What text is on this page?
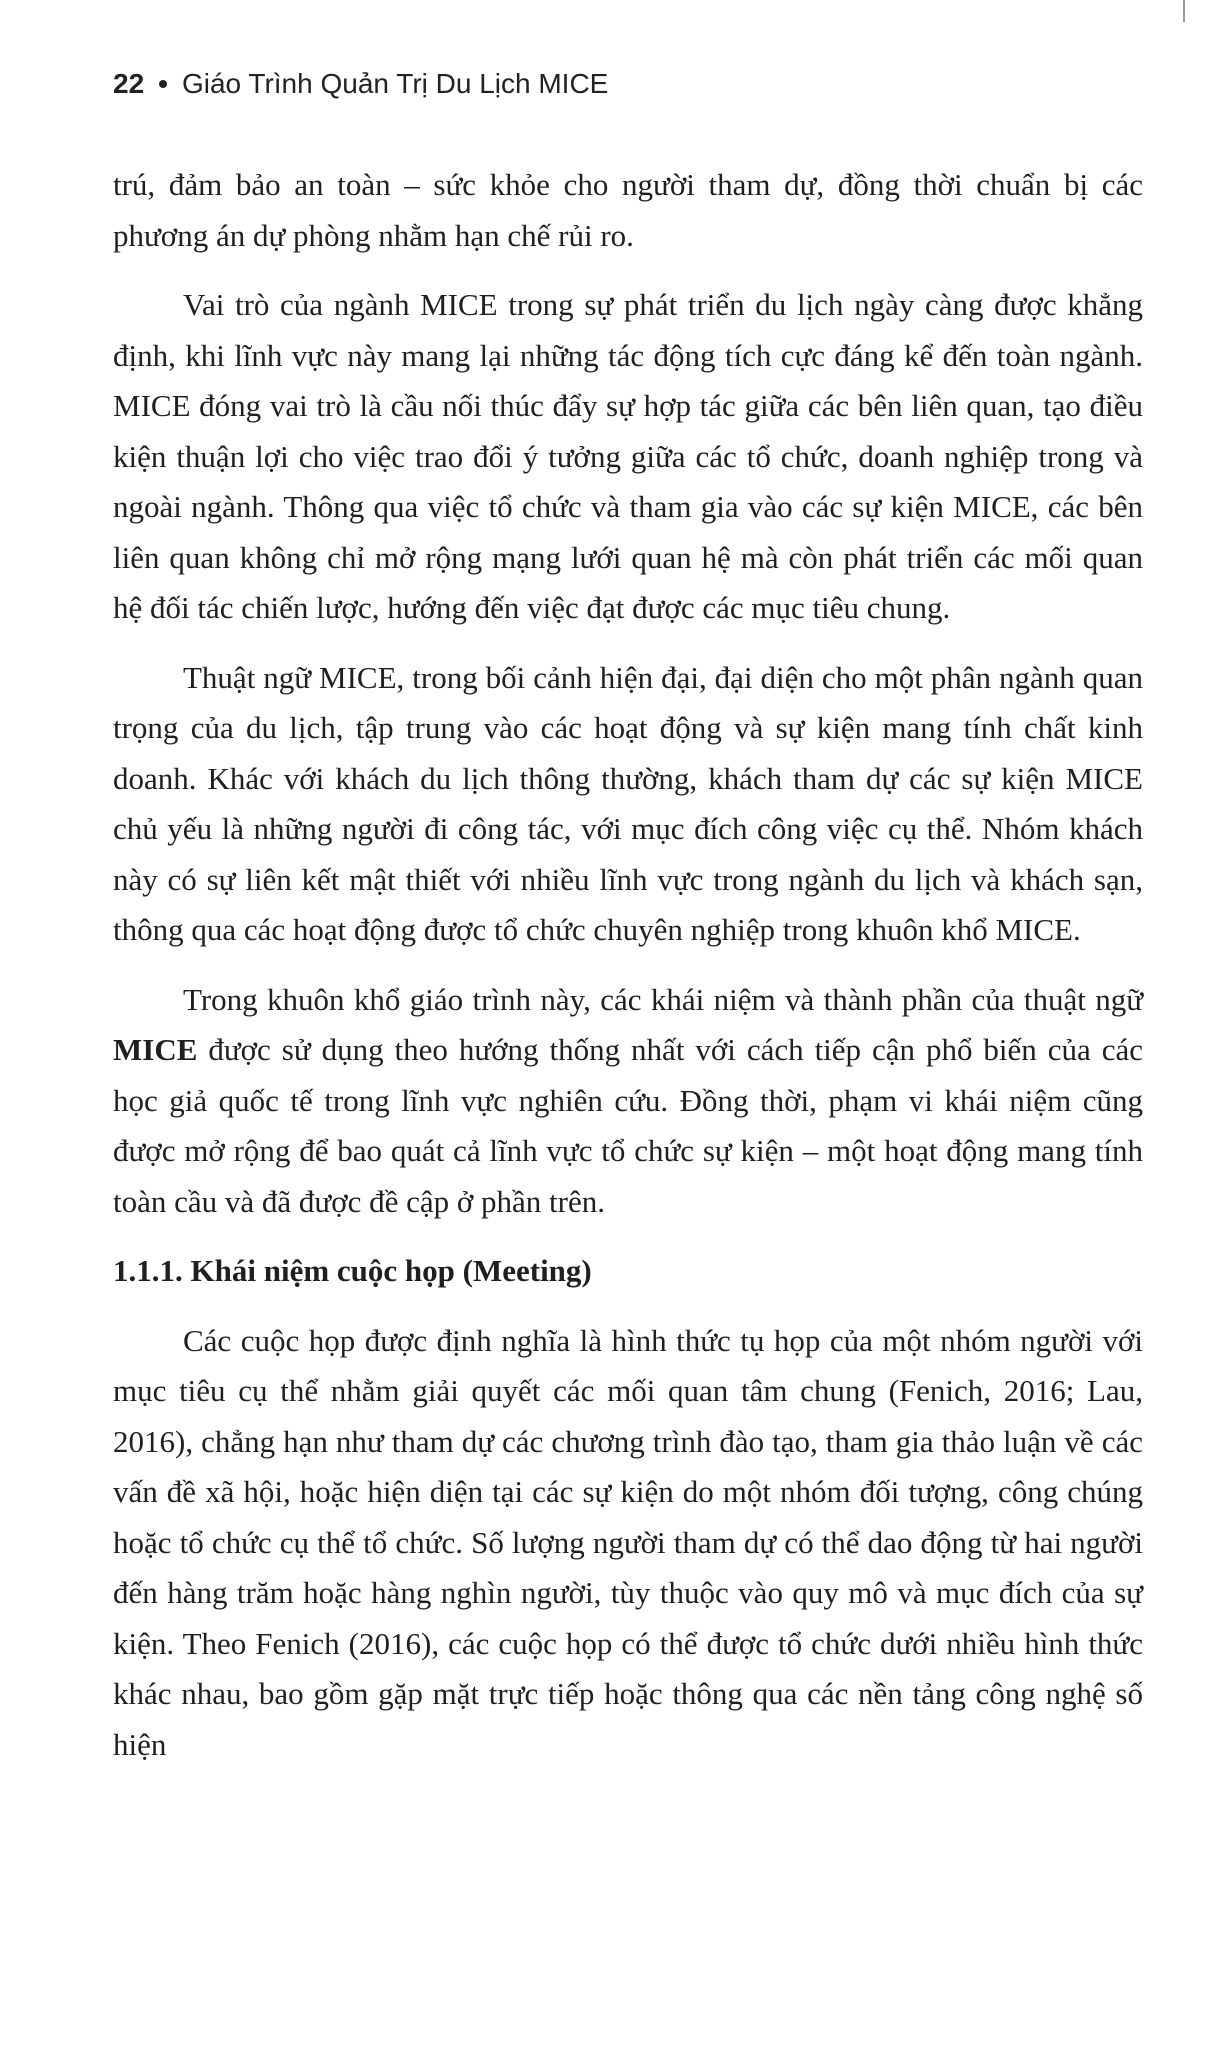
22 • Giáo Trình Quản Trị Du Lịch MICE

trú, đảm bảo an toàn – sức khỏe cho người tham dự, đồng thời chuẩn bị các phương án dự phòng nhằm hạn chế rủi ro.

Vai trò của ngành MICE trong sự phát triển du lịch ngày càng được khẳng định, khi lĩnh vực này mang lại những tác động tích cực đáng kể đến toàn ngành. MICE đóng vai trò là cầu nối thúc đẩy sự hợp tác giữa các bên liên quan, tạo điều kiện thuận lợi cho việc trao đổi ý tưởng giữa các tổ chức, doanh nghiệp trong và ngoài ngành. Thông qua việc tổ chức và tham gia vào các sự kiện MICE, các bên liên quan không chỉ mở rộng mạng lưới quan hệ mà còn phát triển các mối quan hệ đối tác chiến lược, hướng đến việc đạt được các mục tiêu chung.

Thuật ngữ MICE, trong bối cảnh hiện đại, đại diện cho một phân ngành quan trọng của du lịch, tập trung vào các hoạt động và sự kiện mang tính chất kinh doanh. Khác với khách du lịch thông thường, khách tham dự các sự kiện MICE chủ yếu là những người đi công tác, với mục đích công việc cụ thể. Nhóm khách này có sự liên kết mật thiết với nhiều lĩnh vực trong ngành du lịch và khách sạn, thông qua các hoạt động được tổ chức chuyên nghiệp trong khuôn khổ MICE.

Trong khuôn khổ giáo trình này, các khái niệm và thành phần của thuật ngữ MICE được sử dụng theo hướng thống nhất với cách tiếp cận phổ biến của các học giả quốc tế trong lĩnh vực nghiên cứu. Đồng thời, phạm vi khái niệm cũng được mở rộng để bao quát cả lĩnh vực tổ chức sự kiện – một hoạt động mang tính toàn cầu và đã được đề cập ở phần trên.

1.1.1. Khái niệm cuộc họp (Meeting)

Các cuộc họp được định nghĩa là hình thức tụ họp của một nhóm người với mục tiêu cụ thể nhằm giải quyết các mối quan tâm chung (Fenich, 2016; Lau, 2016), chẳng hạn như tham dự các chương trình đào tạo, tham gia thảo luận về các vấn đề xã hội, hoặc hiện diện tại các sự kiện do một nhóm đối tượng, công chúng hoặc tổ chức cụ thể tổ chức. Số lượng người tham dự có thể dao động từ hai người đến hàng trăm hoặc hàng nghìn người, tùy thuộc vào quy mô và mục đích của sự kiện. Theo Fenich (2016), các cuộc họp có thể được tổ chức dưới nhiều hình thức khác nhau, bao gồm gặp mặt trực tiếp hoặc thông qua các nền tảng công nghệ số hiện
